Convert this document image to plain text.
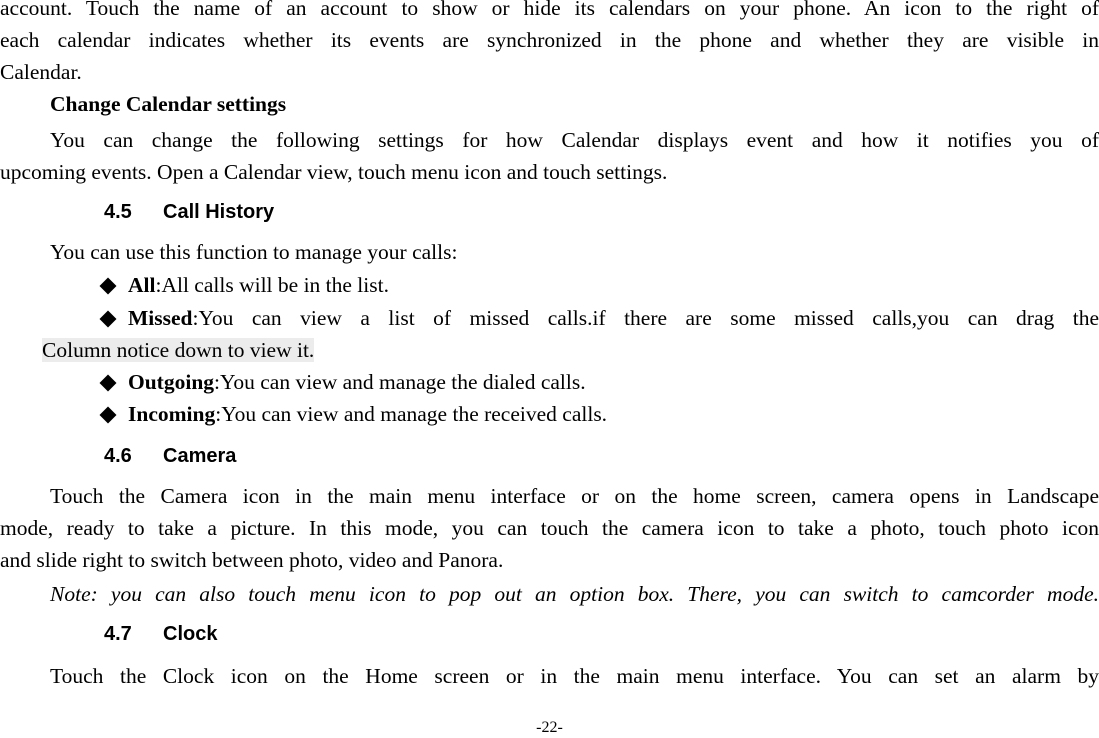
account. Touch the name of an account to show or hide its calendars on your phone. An icon to the right of
each calendar indicates whether its events are synchronized in the phone and whether they are visible in
Calendar.
Change Calendar settings
You can change the following settings for how Calendar displays event and how it notifies you of
upcoming events. Open a Calendar view, touch menu icon and touch settings.
4.5 Call History
You can use this function to manage your calls:
All:All calls will be in the list.
Missed:You can view a list of missed calls.if there are some missed calls,you can drag the
Column notice down to view it.
Outgoing:You can view and manage the dialed calls.
Incoming:You can view and manage the received calls.
4.6 Camera
Touch the Camera icon in the main menu interface or on the home screen, camera opens in Landscape
mode, ready to take a picture. In this mode, you can touch the camera icon to take a photo, touch photo icon
and slide right to switch between photo, video and Panora.
Note: you can also touch menu icon to pop out an option box. There, you can switch to camcorder mode.
4.7 Clock
Touch the Clock icon on the Home screen or in the main menu interface. You can set an alarm by
-22-
